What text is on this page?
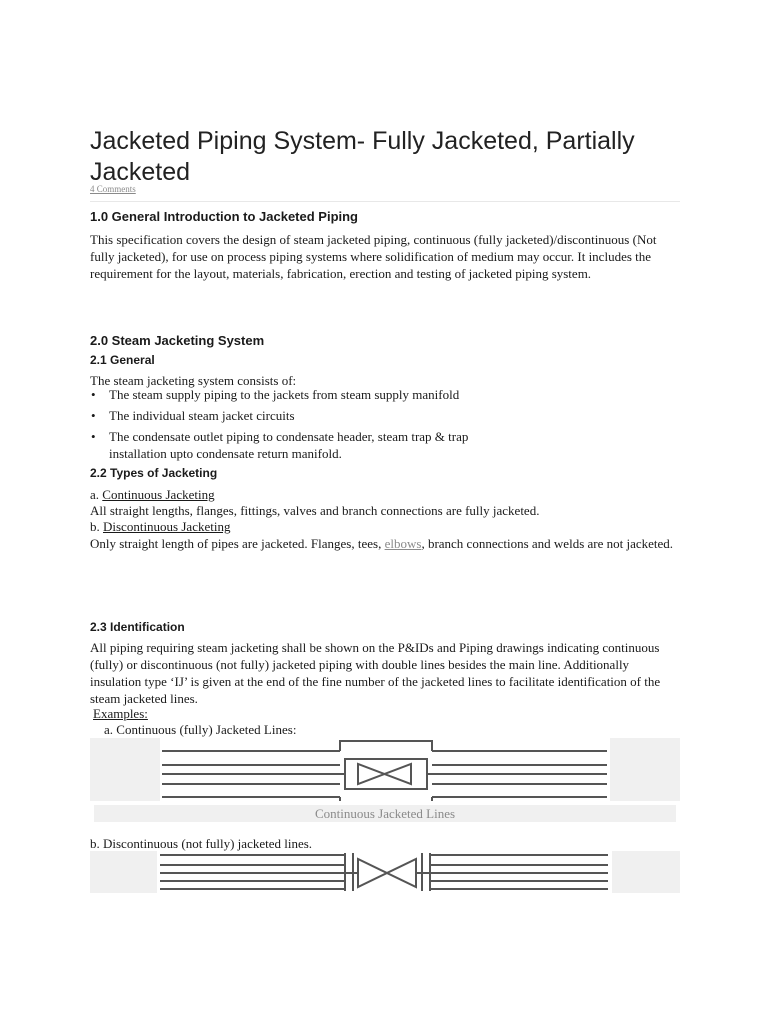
Jacketed Piping System- Fully Jacketed, Partially Jacketed
4 Comments
1.0 General Introduction to Jacketed Piping

This specification covers the design of steam jacketed piping, continuous (fully jacketed)/discontinuous (Not fully jacketed), for use on process piping systems where solidification of medium may occur. It includes the requirement for the layout, materials, fabrication, erection and testing of jacketed piping system.

2.0 Steam Jacketing System
2.1 General

The steam jacketing system consists of:

• The steam supply piping to the jackets from steam supply manifold
• The individual steam jacket circuits
• The condensate outlet piping to condensate header, steam trap & trap installation upto condensate return manifold.
2.2 Types of Jacketing

a. Continuous Jacketing

All straight lengths, flanges, fittings, valves and branch connections are fully jacketed.

b. Discontinuous Jacketing

Only straight length of pipes are jacketed. Flanges, tees, elbows, branch connections and welds are not jacketed.

2.3 Identification

All piping requiring steam jacketing shall be shown on the P&IDs and Piping drawings indicating continuous (fully) or discontinuous (not fully) jacketed piping with double lines besides the main line. Additionally insulation type ‘IJ’ is given at the end of the fine number of the jacketed lines to facilitate identification of the steam jacketed lines.

Examples:

a. Continuous (fully) Jacketed Lines:

Continuous Jacketed Lines

b. Discontinuous (not fully) jacketed lines.
